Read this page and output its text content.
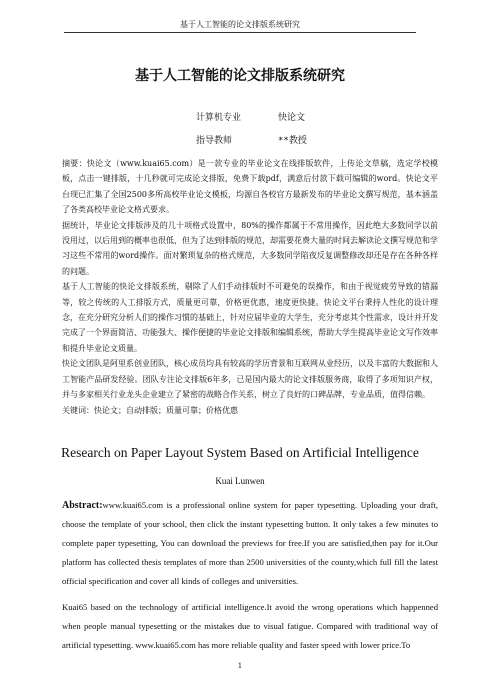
基于人工智能的论文排版系统研究
基于人工智能的论文排版系统研究
计算机专业	快论文
指导教师	**教授

摘要：快论文（www.kuai65.com）是一款专业的毕业论文在线排版软件，上传论文草稿，选定学校模板，点击一键排版，十几秒就可完成论文排版，免费下载pdf，满意后付款下载可编辑的word。快论文平台现已汇集了全国2500多所高校毕业论文模板，均源自各校官方最新发布的毕业论文撰写规范，基本涵盖了各类高校毕业论文格式要求。

据统计，毕业论文排版涉及的几十项格式设置中，80%的操作都属于不常用操作，因此绝大多数同学以前没用过，以后用到的概率也很低，但为了达到排版的规范，却需要花费大量的时间去解读论文撰写规范和学习这些不常用的word操作。面对繁琐复杂的格式规范，大多数同学陷夜反复调整修改却还是存在各种各样的问题。

基于人工智能的快论文排版系统，剔除了人们手动排版时不可避免的误操作，和由于视觉疲劳导致的错漏等，较之传统的人工排版方式，质量更可靠，价格更优惠，速度更快捷。快论文平台秉持人性化的设计理念，在充分研究分析人们的操作习惯的基础上，针对应届毕业的大学生，充分考虑其个性需求，设计并开发完成了一个界面简洁、功能强大、操作便捷的毕业论文排版和编辑系统，帮助大学生提高毕业论文写作效率和提升毕业论文质量。

快论文团队是阿里系创业团队，核心成员均具有较高的学历背景和互联网从业经历，以及丰富的大数据和人工智能产品研发经验。团队专注论文排版6年多，已是国内最大的论文排版服务商，取得了多项知识产权，并与多家相关行业龙头企业建立了紧密的战略合作关系，树立了良好的口碑品牌，专业品质，值得信赖。

关键词：快论文；自动排版；质量可靠；价格优惠

Research on Paper Layout System Based on Artificial Intelligence
Kuai Lunwen

Abstract:www.kuai65.com is a professional online system for paper typesetting. Uploading your draft, choose the template of your school, then click the instant typesetting button. It only takes a few minutes to complete paper typesetting, You can download the previews for free.If you are satisfied,then pay for it.Our platform has collected thesis templates of more than 2500 universities of the county,which full fill the latest official specification and cover all kinds of colleges and universities.

Kuai65 based on the technology of artificial intelligence.It avoid the wrong operations which happenned when people manual typesetting or the mistakes due to visual fatigue. Compared with traditional way of artificial typesetting. www.kuai65.com has more reliable quality and faster speed with lower price.To

1
